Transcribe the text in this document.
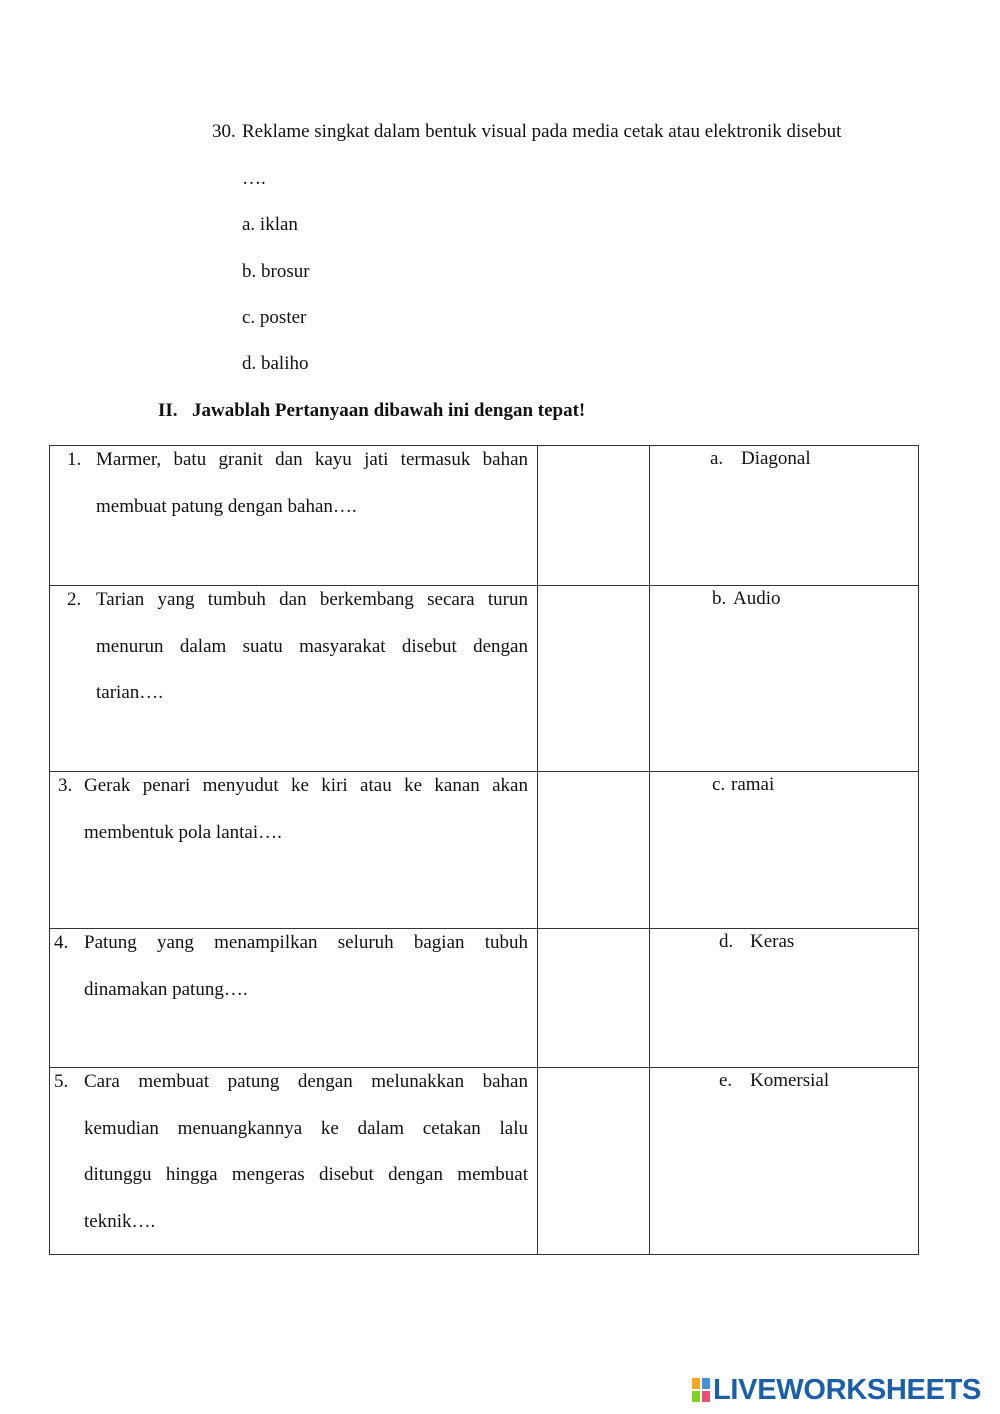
30. Reklame singkat dalam bentuk visual pada media cetak atau elektronik disebut
….
a. iklan
b. brosur
c. poster
d. baliho
II. Jawablah Pertanyaan dibawah ini dengan tepat!
1. Marmer, batu granit dan kayu jati termasuk bahan
membuat patung dengan bahan….
2. Tarian yang tumbuh dan berkembang secara turun
menurun dalam suatu masyarakat disebut dengan
tarian….
3. Gerak penari menyudut ke kiri atau ke kanan akan
membentuk pola lantai….
4. Patung yang menampilkan seluruh bagian tubuh
dinamakan patung….
5. Cara membuat patung dengan melunakkan bahan
kemudian menuangkannya ke dalam cetakan lalu
ditunggu hingga mengeras disebut dengan membuat
teknik….
a. Diagonal
b. Audio
c. ramai
d. Keras
e. Komersial
LIVEWORKSHEETS
